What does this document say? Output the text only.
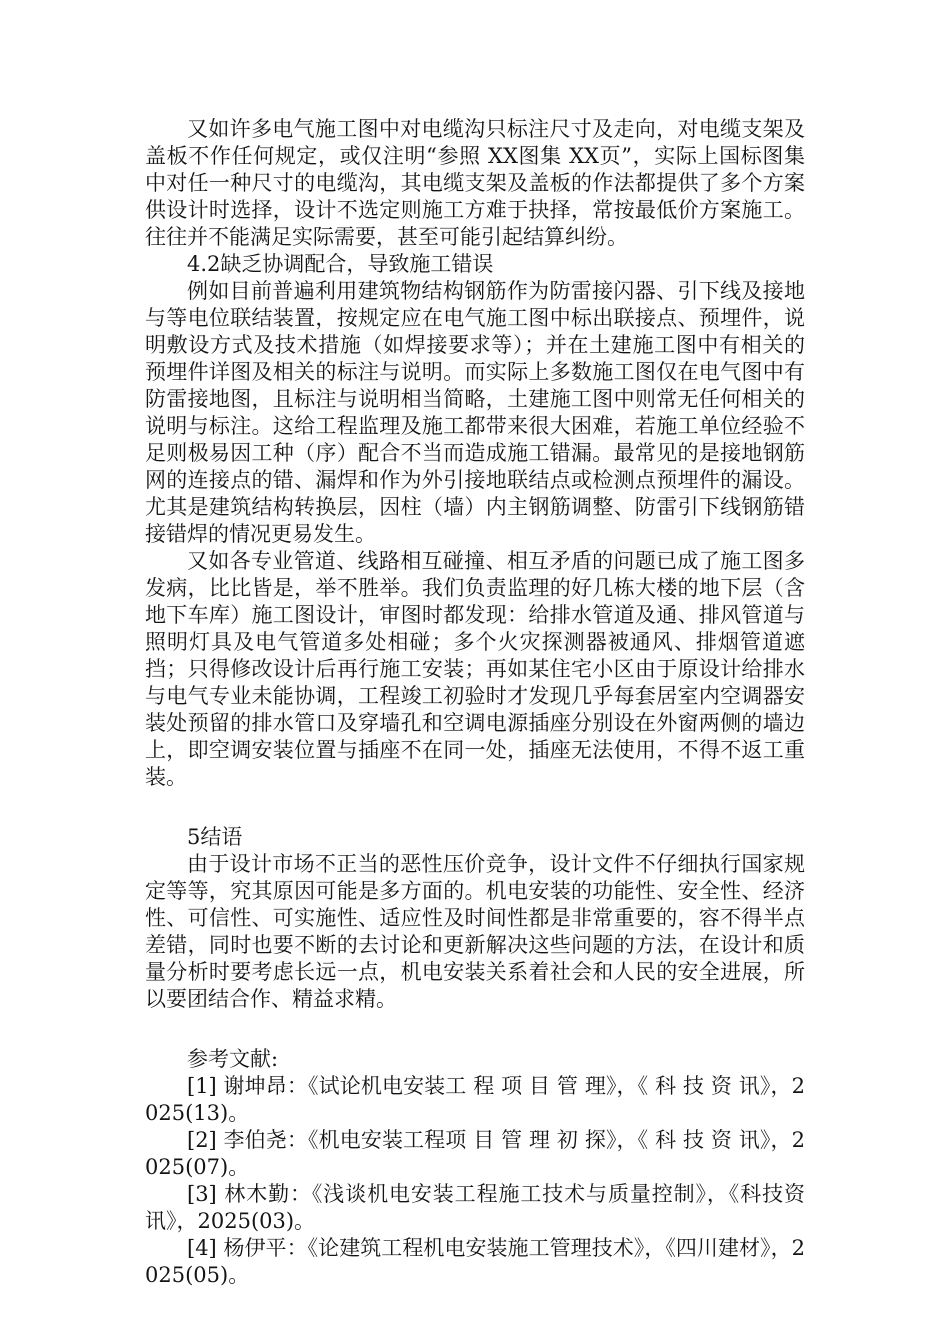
又如许多电气施工图中对电缆沟只标注尺寸及走向，对电缆支架及盖板不作任何规定，或仅注明“参照 XX图集 XX页”，实际上国标图集中对任一种尺寸的电缆沟，其电缆支架及盖板的作法都提供了多个方案供设计时选择，设计不选定则施工方难于抉择，常按最低价方案施工。往往并不能满足实际需要，甚至可能引起结算纠纷。

4.2缺乏协调配合，导致施工错误

例如目前普遍利用建筑物结构钢筋作为防雷接闪器、引下线及接地与等电位联结装置，按规定应在电气施工图中标出联接点、预埋件，说明敷设方式及技术措施（如焊接要求等）；并在土建施工图中有相关的预埋件详图及相关的标注与说明。而实际上多数施工图仅在电气图中有防雷接地图，且标注与说明相当简略，土建施工图中则常无任何相关的说明与标注。这给工程监理及施工都带来很大困难，若施工单位经验不足则极易因工种（序）配合不当而造成施工错漏。最常见的是接地钢筋网的连接点的错、漏焊和作为外引接地联结点或检测点预埋件的漏设。尤其是建筑结构转换层，因柱（墙）内主钢筋调整、防雷引下线钢筋错接错焊的情况更易发生。

又如各专业管道、线路相互碰撞、相互矛盾的问题已成了施工图多发病，比比皆是，举不胜举。我们负责监理的好几栋大楼的地下层（含地下车库）施工图设计，审图时都发现：给排水管道及通、排风管道与照明灯具及电气管道多处相碰；多个火灾探测器被通风、排烟管道遮挡；只得修改设计后再行施工安装；再如某住宅小区由于原设计给排水与电气专业未能协调，工程竣工初验时才发现几乎每套居室内空调器安装处预留的排水管口及穿墙孔和空调电源插座分别设在外窗两侧的墙边上，即空调安装位置与插座不在同一处，插座无法使用，不得不返工重装。

5结语

由于设计市场不正当的恶性压价竞争，设计文件不仔细执行国家规定等等，究其原因可能是多方面的。机电安装的功能性、安全性、经济性、可信性、可实施性、适应性及时间性都是非常重要的，容不得半点差错，同时也要不断的去讨论和更新解决这些问题的方法，在设计和质量分析时要考虑长远一点，机电安装关系着社会和人民的安全进展，所以要团结合作、精益求精。

参考文献:

[1] 谢坤昂：《试论机电安装工 程 项 目 管 理》，《 科 技 资 讯》，2025(13)。

[2] 李伯尧：《机电安装工程项 目 管 理 初 探》，《 科 技 资 讯》，2025(07)。

[3] 林木勤：《浅谈机电安装工程施工技术与质量控制》，《科技资讯》，2025(03)。

[4] 杨伊平：《论建筑工程机电安装施工管理技术》，《四川建材》，2025(05)。
